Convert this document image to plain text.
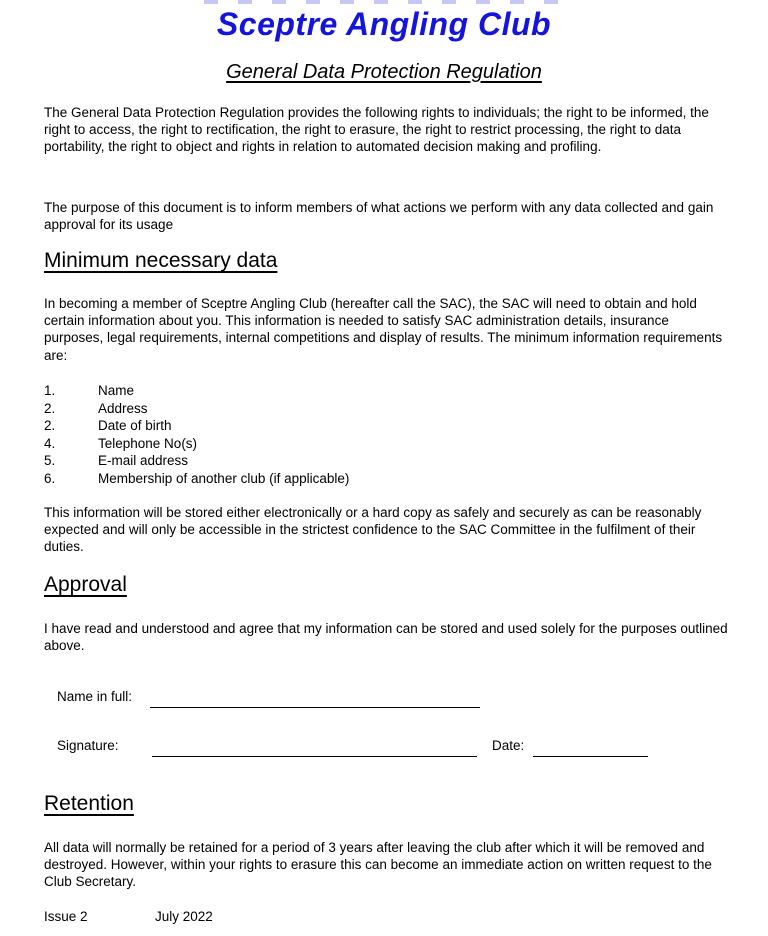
Sceptre Angling Club
General Data Protection Regulation
The General Data Protection Regulation provides the following rights to individuals; the right to be informed, the right to access, the right to rectification, the right to erasure, the right to restrict processing, the right to data portability, the right to object and rights in relation to automated decision making and profiling.
The purpose of this document is to inform members of what actions we perform with any data collected and gain approval for its usage
Minimum necessary data
In becoming a member of Sceptre Angling Club (hereafter call the SAC), the SAC will need to obtain and hold certain information about you. This information is needed to satisfy SAC administration details, insurance purposes, legal requirements, internal competitions and display of results. The minimum information requirements are:
1.	Name
2.	Address
2.	Date of birth
4.	Telephone No(s)
5.	E-mail address
6.	Membership of another club (if applicable)
This information will be stored either electronically or a hard copy as safely and securely as can be reasonably expected and will only be accessible in the strictest confidence to the SAC Committee in the fulfilment of their duties.
Approval
I have read and understood and agree that my information can be stored and used solely for the purposes outlined above.
Name in full:
Signature:	Date:
Retention
All data will normally be retained for a period of 3 years after leaving the club after which it will be removed and destroyed. However, within your rights to erasure this can become an immediate action on written request to the Club Secretary.
Issue 2	July 2022
